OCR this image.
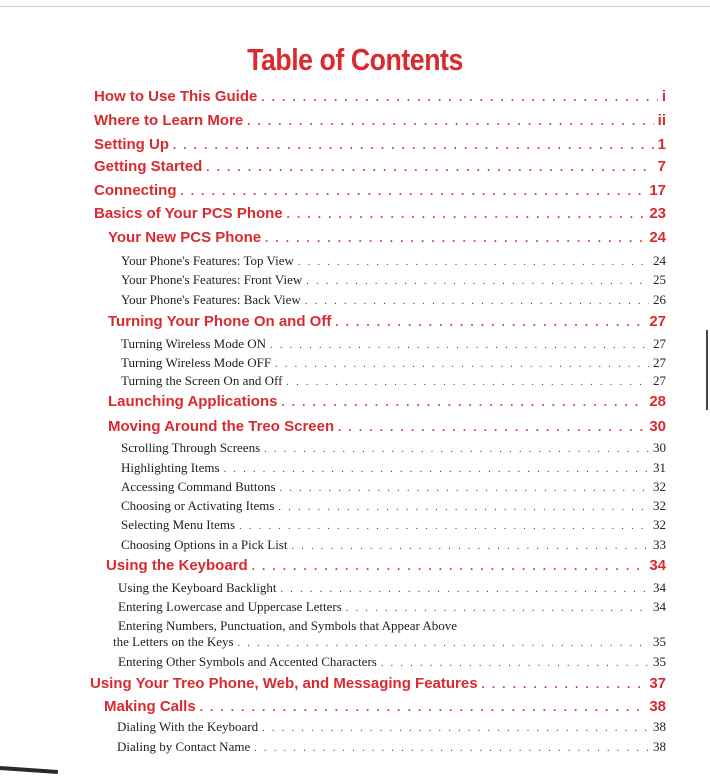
Table of Contents
How to Use This Guide . . .	i
Where to Learn More . . .	ii
Setting Up . . .	1
Getting Started . . .	7
Connecting . . .	17
Basics of Your PCS Phone . . .	23
Your New PCS Phone . . .	24
Your Phone's Features: Top View . . .	24
Your Phone's Features: Front View . . .	25
Your Phone's Features: Back View . . .	26
Turning Your Phone On and Off . . .	27
Turning Wireless Mode ON . . .	27
Turning Wireless Mode OFF . . .	27
Turning the Screen On and Off . . .	27
Launching Applications . . .	28
Moving Around the Treo Screen . . .	30
Scrolling Through Screens . . .	30
Highlighting Items . . .	31
Accessing Command Buttons . . .	32
Choosing or Activating Items . . .	32
Selecting Menu Items . . .	32
Choosing Options in a Pick List . . .	33
Using the Keyboard . . .	34
Using the Keyboard Backlight . . .	34
Entering Lowercase and Uppercase Letters . . .	34
Entering Numbers, Punctuation, and Symbols that Appear Above
the Letters on the Keys . . .	35
Entering Other Symbols and Accented Characters . . .	35
Using Your Treo Phone, Web, and Messaging Features . . .	37
Making Calls . . .	38
Dialing With the Keyboard . . .	38
Dialing by Contact Name . . .	38
